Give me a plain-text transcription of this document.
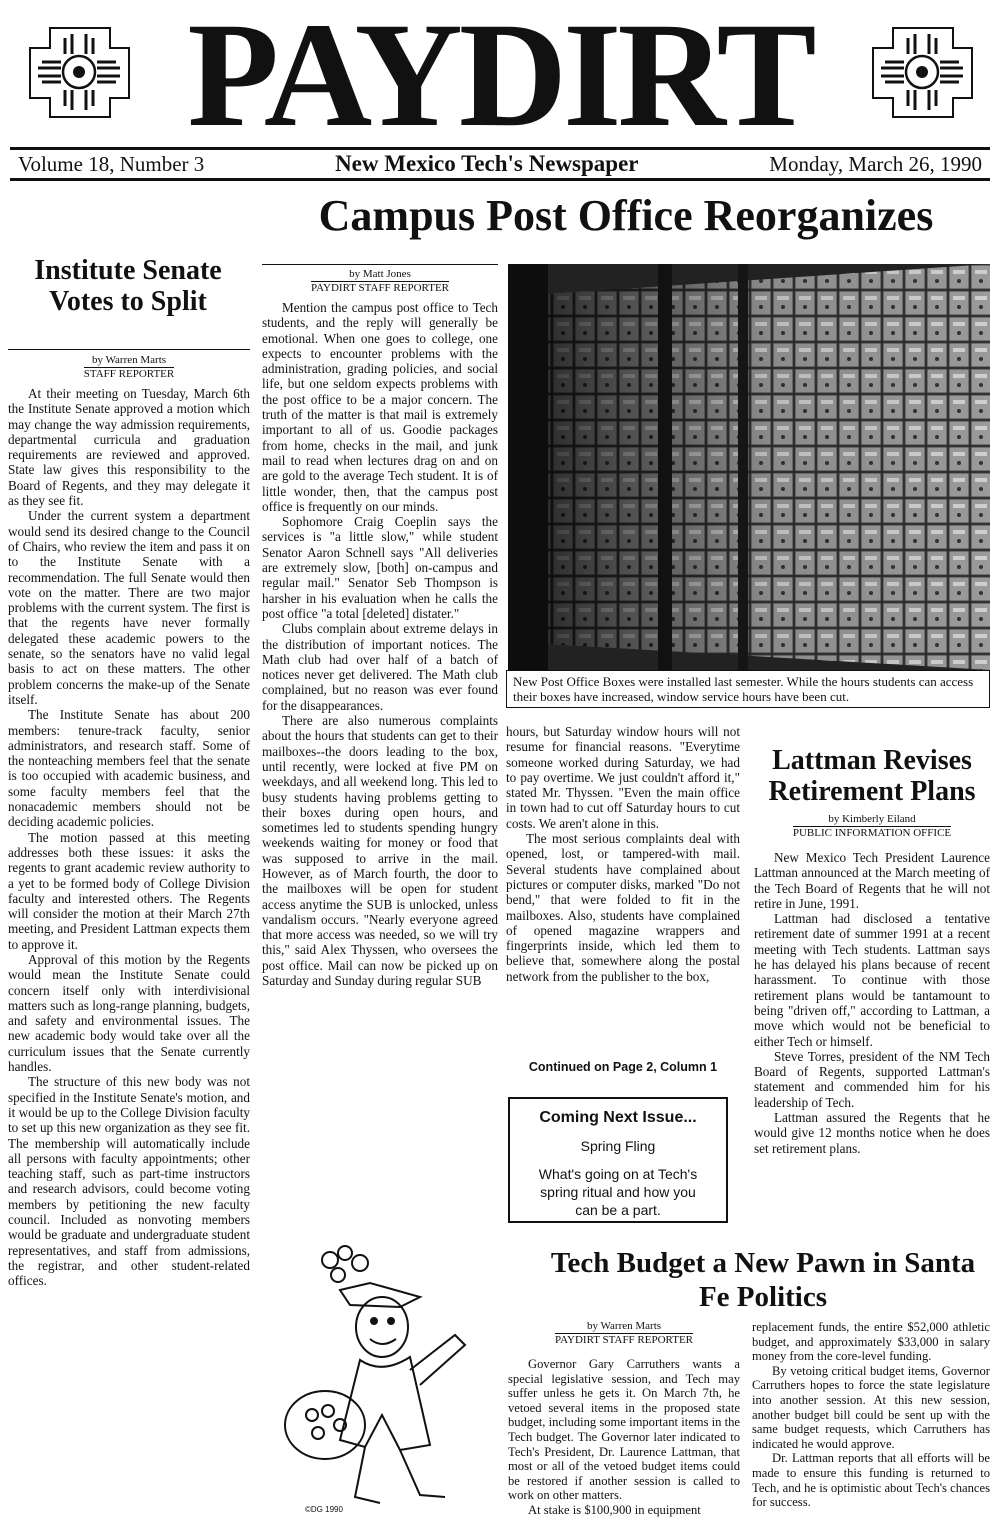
PAYDIRT
Volume 18, Number 3	New Mexico Tech's Newspaper	Monday, March 26, 1990
Campus Post Office Reorganizes
Institute Senate Votes to Split
by Warren Marts
STAFF REPORTER

At their meeting on Tuesday, March 6th the Institute Senate approved a motion which may change the way admission requirements, departmental curricula and graduation requirements are reviewed and approved. State law gives this responsibility to the Board of Regents, and they may delegate it as they see fit.

Under the current system a department would send its desired change to the Council of Chairs, who review the item and pass it on to the Institute Senate with a recommendation. The full Senate would then vote on the matter. There are two major problems with the current system. The first is that the regents have never formally delegated these academic powers to the senate, so the senators have no valid legal basis to act on these matters. The other problem concerns the make-up of the Senate itself.

The Institute Senate has about 200 members: tenure-track faculty, senior administrators, and research staff. Some of the nonteaching members feel that the senate is too occupied with academic business, and some faculty members feel that the nonacademic members should not be deciding academic policies.

The motion passed at this meeting addresses both these issues: it asks the regents to grant academic review authority to a yet to be formed body of College Division faculty and interested others. The Regents will consider the motion at their March 27th meeting, and President Lattman expects them to approve it.

Approval of this motion by the Regents would mean the Institute Senate could concern itself only with interdivisional matters such as long-range planning, budgets, and safety and environmental issues. The new academic body would take over all the curriculum issues that the Senate currently handles.

The structure of this new body was not specified in the Institute Senate's motion, and it would be up to the College Division faculty to set up this new organization as they see fit. The membership will automatically include all persons with faculty appointments; other teaching staff, such as part-time instructors and research advisors, could become voting members by petitioning the new faculty council. Included as nonvoting members would be graduate and undergraduate student representatives, and staff from admissions, the registrar, and other student-related offices.

by Matt Jones
PAYDIRT STAFF REPORTER

Mention the campus post office to Tech students, and the reply will generally be emotional. When one goes to college, one expects to encounter problems with the administration, grading policies, and social life, but one seldom expects problems with the post office to be a major concern. The truth of the matter is that mail is extremely important to all of us. Goodie packages from home, checks in the mail, and junk mail to read when lectures drag on and on are gold to the average Tech student. It is of little wonder, then, that the campus post office is frequently on our minds.

Sophomore Craig Coeplin says the services is "a little slow," while student Senator Aaron Schnell says "All deliveries are extremely slow, [both] on-campus and regular mail." Senator Seb Thompson is harsher in his evaluation when he calls the post office "a total [deleted] distater."

Clubs complain about extreme delays in the distribution of important notices. The Math club had over half of a batch of notices never get delivered. The Math club complained, but no reason was ever found for the disappearances.

There are also numerous complaints about the hours that students can get to their mailboxes--the doors leading to the box, until recently, were locked at five PM on weekdays, and all weekend long. This led to busy students having problems getting to their boxes during open hours, and sometimes led to students spending hungry weekends waiting for money or food that was supposed to arrive in the mail. However, as of March fourth, the door to the mailboxes will be open for student access anytime the SUB is unlocked, unless vandalism occurs. "Nearly everyone agreed that more access was needed, so we will try this," said Alex Thyssen, who oversees the post office. Mail can now be picked up on Saturday and Sunday during regular SUB

New Post Office Boxes were installed last semester. While the hours students can access their boxes have increased, window service hours have been cut.

hours, but Saturday window hours will not resume for financial reasons. "Everytime someone worked during Saturday, we had to pay overtime. We just couldn't afford it," stated Mr. Thyssen. "Even the main office in town had to cut off Saturday hours to cut costs. We aren't alone in this.

The most serious complaints deal with opened, lost, or tampered-with mail. Several students have complained about pictures or computer disks, marked "Do not bend," that were folded to fit in the mailboxes. Also, students have complained of opened magazine wrappers and fingerprints inside, which led them to believe that, somewhere along the postal network from the publisher to the box,

Continued on Page 2, Column 1
Coming Next Issue...
Spring Fling
What's going on at Tech's spring ritual and how you can be a part.
Lattman Revises Retirement Plans
by Kimberly Eiland
PUBLIC INFORMATION OFFICE

New Mexico Tech President Laurence Lattman announced at the March meeting of the Tech Board of Regents that he will not retire in June, 1991.

Lattman had disclosed a tentative retirement date of summer 1991 at a recent meeting with Tech students. Lattman says he has delayed his plans because of recent harassment. To continue with those retirement plans would be tantamount to being "driven off," according to Lattman, a move which would not be beneficial to either Tech or himself.

Steve Torres, president of the NM Tech Board of Regents, supported Lattman's statement and commended him for his leadership of Tech.

Lattman assured the Regents that he would give 12 months notice when he does set retirement plans.

©DG 1990
Tech Budget a New Pawn in Santa Fe Politics
by Warren Marts
PAYDIRT STAFF REPORTER

Governor Gary Carruthers wants a special legislative session, and Tech may suffer unless he gets it. On March 7th, he vetoed several items in the proposed state budget, including some important items in the Tech budget. The Governor later indicated to Tech's President, Dr. Laurence Lattman, that most or all of the vetoed budget items could be restored if another session is called to work on other matters.

At stake is $100,900 in equipment

replacement funds, the entire $52,000 athletic budget, and approximately $33,000 in salary money from the core-level funding.

By vetoing critical budget items, Governor Carruthers hopes to force the state legislature into another session. At this new session, another budget bill could be sent up with the same budget requests, which Carruthers has indicated he would approve.

Dr. Lattman reports that all efforts will be made to ensure this funding is returned to Tech, and he is optimistic about Tech's chances for success.
